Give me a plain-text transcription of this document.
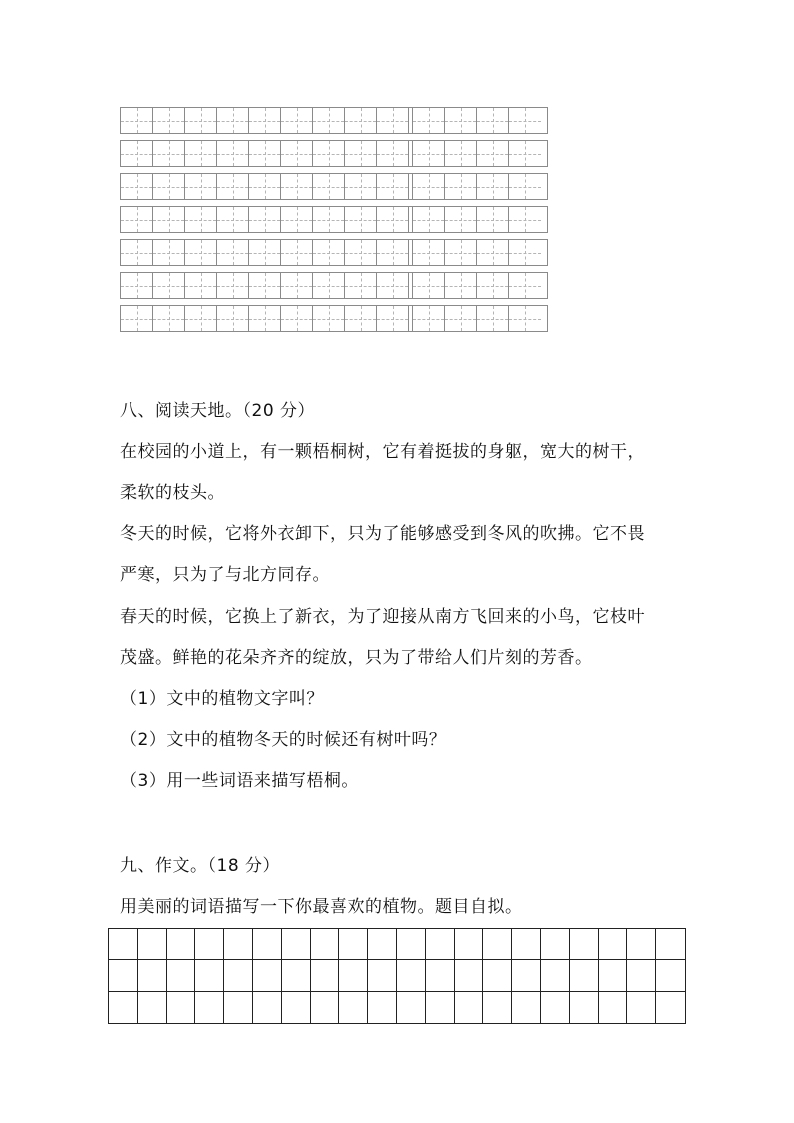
八、阅读天地。（20 分）
在校园的小道上，有一颗梧桐树，它有着挺拔的身躯，宽大的树干，
柔软的枝头。
冬天的时候，它将外衣卸下，只为了能够感受到冬风的吹拂。它不畏
严寒，只为了与北方同存。
春天的时候，它换上了新衣，为了迎接从南方飞回来的小鸟，它枝叶
茂盛。鲜艳的花朵齐齐的绽放，只为了带给人们片刻的芳香。
（1）文中的植物文字叫？
（2）文中的植物冬天的时候还有树叶吗？
（3）用一些词语来描写梧桐。
九、作文。（18 分）
用美丽的词语描写一下你最喜欢的植物。题目自拟。
